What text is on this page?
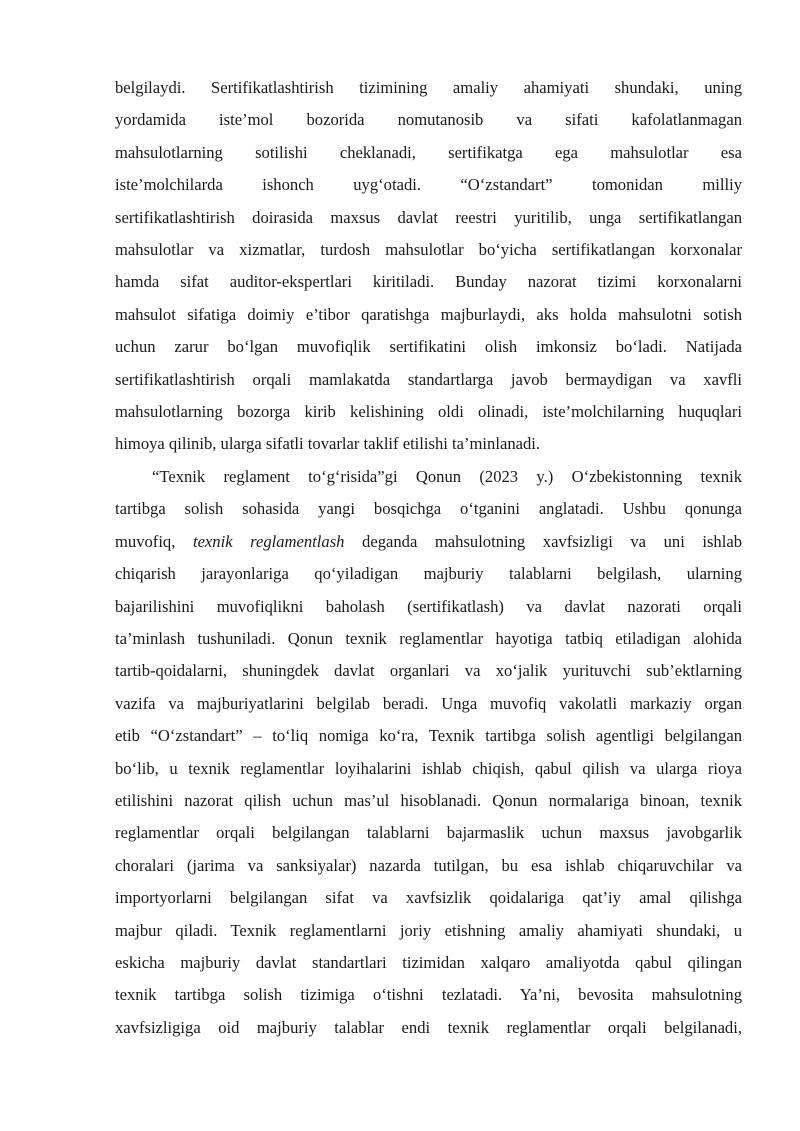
belgilaydi. Sertifikatlashtirish tizimining amaliy ahamiyati shundaki, uning
yordamida iste’mol bozorida nomutanosib va sifati kafolatlanmagan
mahsulotlarning sotilishi cheklanadi, sertifikatga ega mahsulotlar esa
iste’molchilarda ishonch uyg‘otadi. “O‘zstandart” tomonidan milliy
sertifikatlashtirish doirasida maxsus davlat reestri yuritilib, unga sertifikatlangan
mahsulotlar va xizmatlar, turdosh mahsulotlar bo‘yicha sertifikatlangan korxonalar
hamda sifat auditor-ekspertlari kiritiladi. Bunday nazorat tizimi korxonalarni
mahsulot sifatiga doimiy e’tibor qaratishga majburlaydi, aks holda mahsulotni sotish
uchun zarur bo‘lgan muvofiqlik sertifikatini olish imkonsiz bo‘ladi. Natijada
sertifikatlashtirish orqali mamlakatda standartlarga javob bermaydigan va xavfli
mahsulotlarning bozorga kirib kelishining oldi olinadi, iste’molchilarning huquqlari
himoya qilinib, ularga sifatli tovarlar taklif etilishi ta’minlanadi.

“Texnik reglament to‘g‘risida”gi Qonun (2023 y.) O‘zbekistonning texnik
tartibga solish sohasida yangi bosqichga o‘tganini anglatadi. Ushbu qonunga
muvofiq, texnik reglamentlash deganda mahsulotning xavfsizligi va uni ishlab
chiqarish jarayonlariga qo‘yiladigan majburiy talablarni belgilash, ularning
bajarilishini muvofiqlikni baholash (sertifikatlash) va davlat nazorati orqali
ta’minlash tushuniladi. Qonun texnik reglamentlar hayotiga tatbiq etiladigan alohida
tartib-qoidalarni, shuningdek davlat organlari va xo‘jalik yurituvchi sub’ektlarning
vazifa va majburiyatlarini belgilab beradi. Unga muvofiq vakolatli markaziy organ
etib “O‘zstandart” – to‘liq nomiga ko‘ra, Texnik tartibga solish agentligi belgilangan
bo‘lib, u texnik reglamentlar loyihalarini ishlab chiqish, qabul qilish va ularga rioya
etilishini nazorat qilish uchun mas’ul hisoblanadi. Qonun normalariga binoan, texnik
reglamentlar orqali belgilangan talablarni bajarmaslik uchun maxsus javobgarlik
choralari (jarima va sanksiyalar) nazarda tutilgan, bu esa ishlab chiqaruvchilar va
importyorlarni belgilangan sifat va xavfsizlik qoidalariga qat’iy amal qilishga
majbur qiladi. Texnik reglamentlarni joriy etishning amaliy ahamiyati shundaki, u
eskicha majburiy davlat standartlari tizimidan xalqaro amaliyotda qabul qilingan
texnik tartibga solish tizimiga o‘tishni tezlatadi. Ya’ni, bevosita mahsulotning
xavfsizligiga oid majburiy talablar endi texnik reglamentlar orqali belgilanadi,
